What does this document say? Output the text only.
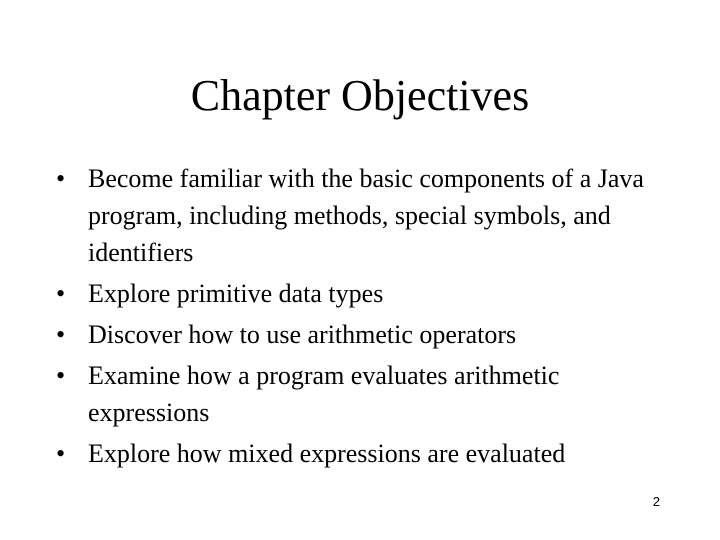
Chapter Objectives
• Become familiar with the basic components of a Java program, including methods, special symbols, and identifiers
• Explore primitive data types
• Discover how to use arithmetic operators
• Examine how a program evaluates arithmetic expressions
• Explore how mixed expressions are evaluated
2
